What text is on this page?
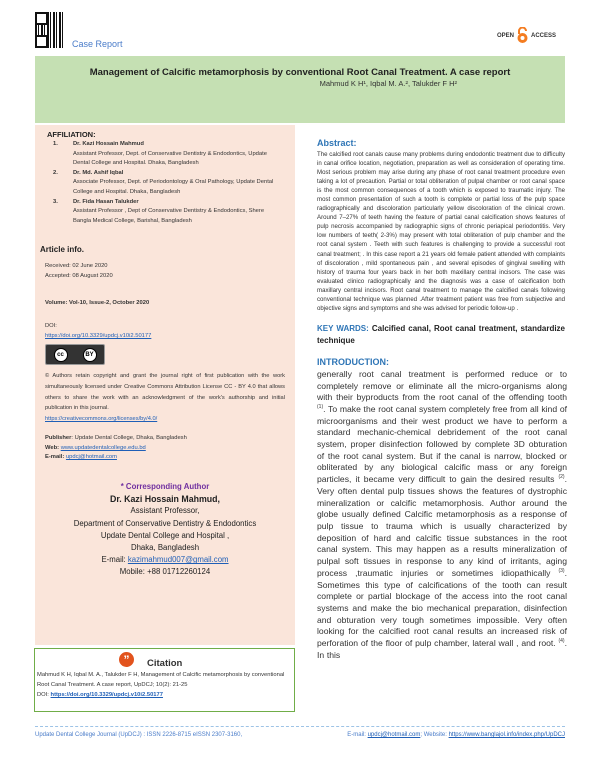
Case Report
OPEN	ACCESS
Management of Calcific metamorphosis by conventional Root Canal Treatment. A case report
Mahmud K H¹, Iqbal M. A.², Talukder F H²
AFFILIATION:
1.	Dr. Kazi Hossain Mahmud
Assistant Professor, Dept. of Conservative Dentistry & Endodontics, Update Dental College and Hospital. Dhaka, Bangladesh
2.	Dr. Md. Ashif Iqbal
Associate Professor, Dept. of Periodontology & Oral Pathology, Update Dental College and Hospital. Dhaka, Bangladesh
3.	Dr. Fida Hasan Talukder
Assistant Professor , Dept of Conservative Dentistry & Endodontics, Shere Bangla Medical College, Barishal, Bangladesh
Article info.
Received: 02 June 2020
Accepted: 08 August 2020
Volume: Vol-10, Issue-2, October 2020
DOI:
https://doi.org/10.3329/updcj.v10i2.50177
cc	BY
© Authors retain copyright and grant the journal right of first publication with the work simultaneously licensed under Creative Commons Attribution License CC - BY 4.0 that allows others to share the work with an acknowledgment of the work's authorship and initial publication in this journal.
https://creativecommons.org/licenses/by/4.0/
Publisher: Update Dental College, Dhaka, Bangladesh
Web: www.updatedentalcollege.edu.bd
E-mail: updcj@hotmail.com
* Corresponding Author
Dr. Kazi Hossain Mahmud,
Assistant Professor,
Department of Conservative Dentistry & Endodontics
Update Dental College and Hospital ,
Dhaka, Bangladesh
E-mail: kazimahmud007@gmail.com
Mobile: +88 01712260124
”	Citation
Mahmud K H, Iqbal M. A., Talukder F H, Management of Calcific metamorphosis by conventional Root Canal Treatment. A case report, UpDCJ; 10(2): 21-25
DOI: https://doi.org/10.3329/updcj.v10i2.50177
Abstract:
The calcified root canals cause many problems during endodontic treatment due to difficulty in canal orifice location, negotiation, preparation as well as consideration of operating time. Most serious problem may arise during any phase of root canal treatment procedure even taking a lot of precaution. Partial or total obliteration of pulpal chamber or root canal space is the most common consequences of a tooth which is exposed to traumatic injury. The most common presentation of such a tooth is complete or partial loss of the pulp space radiographically and discoloration particularly yellow discoloration of the clinical crown. Around 7–27% of teeth having the feature of partial canal calcification shows features of pulp necrosis accompanied by radiographic signs of chronic periapical periodontitis. Very low numbers of teeth( 2-3%) may present with total obliteration of pulp chamber and the root canal system . Teeth with such features is challenging to provide a successful root canal treatment; . In this case report a 21 years old female patient attended with complaints of discoloration , mild spontaneous pain , and several episodes of gingival swelling with history of trauma four years back in her both maxillary central incisors. The case was evaluated clinico radiographically and the diagnosis was a case of calcification both maxillary central incisors. Root canal treatment to manage the calcified canals following conventional technique was planned .After treatment patient was free from subjective and objective signs and symptoms and she was advised for periodic follow-up .
KEY WARDS: Calcified canal, Root canal treatment, standardize technique
INTRODUCTION:
generally root canal treatment is performed reduce or to completely remove or eliminate all the micro-organisms along with their byproducts from the root canal of the offending tooth $^{(1)}$. To make the root canal system completely free from all kind of microorganisms and their west product we have to perform a standard mechanic-chemical debridement of the root canal system, proper disinfection followed by complete 3D obturation of the root canal system. But if the canal is narrow, blocked or obliterated by any biological calcific mass or any foreign particles, it became very difficult to gain the desired results $^{(2)}$. Very often dental pulp tissues shows the features of dystrophic mineralization or calcific metamorphosis. Author around the globe usually defined Calcific metamorphosis as a response of pulp tissue to trauma which is usually characterized by deposition of hard and calcific tissue substances in the root canal system. This may happen as a results mineralization of pulpal soft tissues in response to any kind of irritants, aging process ,traumatic injuries or sometimes idiopathically $^{(3)}$. Sometimes this type of calcifications of the tooth can result complete or partial blockage of the access into the root canal systems and make the bio mechanical preparation, disinfection and obturation very tough sometimes impossible. Very often looking for the calcified root canal results an increased risk of perforation of the floor of pulp chamber, lateral wall , and root. $^{(4)}$. In this
Update Dental College Journal (UpDCJ) : ISSN 2226-8715 eISSN 2307-3160,	E-mail: updcj@hotmail.com; Website: https://www.banglajol.info/index.php/UpDCJ
